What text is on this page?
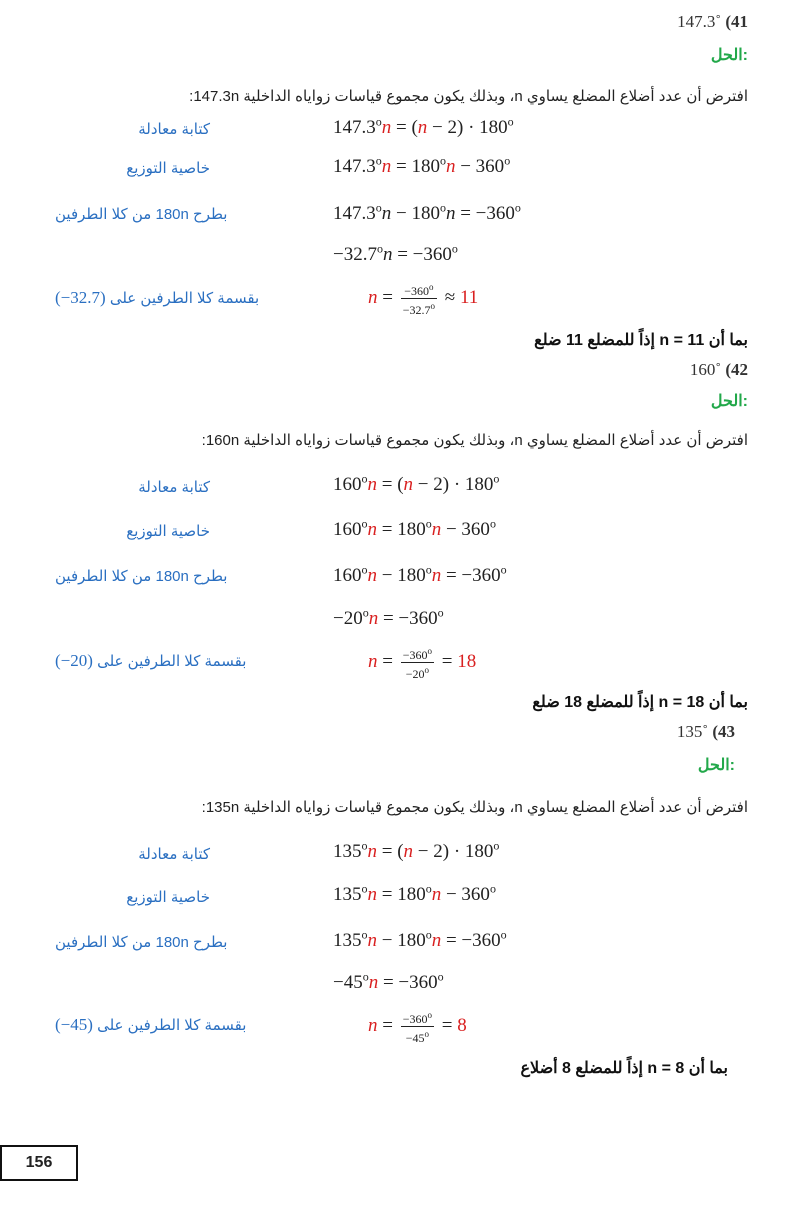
147.3˚ (41
الحل:
افترض أن عدد أضلاع المضلع يساوي n، وبذلك يكون مجموع قياسات زواياه الداخلية 147.3n:
كتابة معادلة	$147.3^on = (n - 2) \cdot 180^o$
خاصية التوزيع	$147.3^on = 180^on - 360^o$
بطرح 180n من كلا الطرفين	$147.3^on - 180^on = -360^o$
$-32.7^on = -360^o$
بقسمة كلا الطرفين على (−32.7)	$n = \frac{-360^o}{-32.7^o} \approx 11$
بما أن n = 11 إذاً للمضلع 11 ضلع
160˚ (42
الحل:
افترض أن عدد أضلاع المضلع يساوي n، وبذلك يكون مجموع قياسات زواياه الداخلية 160n:
كتابة معادلة	$160^on = (n - 2) \cdot 180^o$
خاصية التوزيع	$160^on = 180^on - 360^o$
بطرح 180n من كلا الطرفين	$160^on - 180^on = -360^o$
$-20^on = -360^o$
بقسمة كلا الطرفين على (−20)	$n = \frac{-360^o}{-20^o} = 18$
بما أن n = 18 إذاً للمضلع 18 ضلع
135˚ (43
الحل:
افترض أن عدد أضلاع المضلع يساوي n، وبذلك يكون مجموع قياسات زواياه الداخلية 135n:
كتابة معادلة	$135^on = (n - 2) \cdot 180^o$
خاصية التوزيع	$135^on = 180^on - 360^o$
بطرح 180n من كلا الطرفين	$135^on - 180^on = -360^o$
$-45^on = -360^o$
بقسمة كلا الطرفين على (−45)	$n = \frac{-360^o}{-45^o} = 8$
بما أن n = 8 إذاً للمضلع 8 أضلاع
156
